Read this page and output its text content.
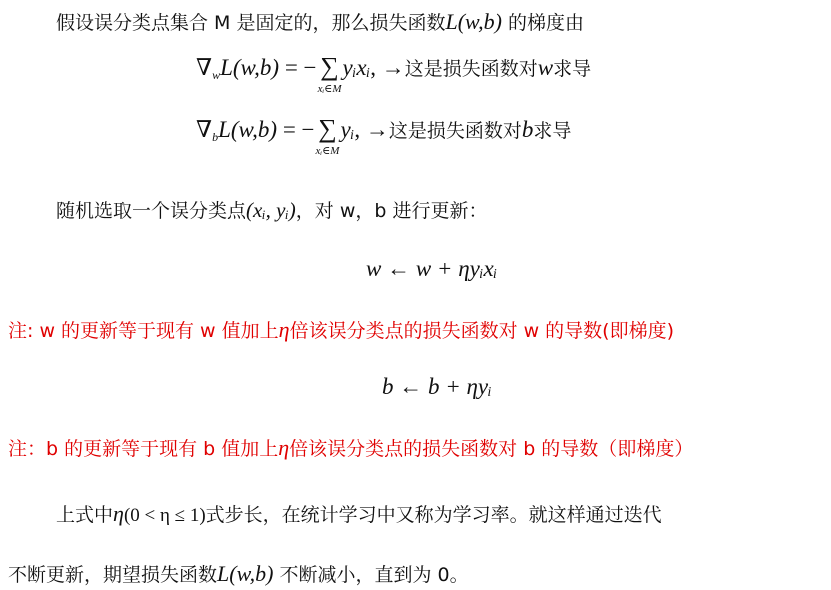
假设误分类点集合 M 是固定的，那么损失函数L(w,b) 的梯度由
$\nabla_wL(w,b)$ = − ∑
xᵢ∈M
yᵢxᵢ, →这是损失函数对w求导
$\nabla_bL(w,b)$ = − ∑
xᵢ∈M
yᵢ, →这是损失函数对b求导
随机选取一个误分类点(xᵢ, yᵢ)，对 w，b 进行更新：
w ← w + ηyᵢxᵢ
注: w 的更新等于现有 w 值加上η倍该误分类点的损失函数对 w 的导数(即梯度)
b ← b + ηyᵢ
注：b 的更新等于现有 b 值加上η倍该误分类点的损失函数对 b 的导数（即梯度）
上式中η(0 < η ≤ 1)式步长，在统计学习中又称为学习率。就这样通过迭代
不断更新，期望损失函数L(w,b) 不断减小，直到为 0。
